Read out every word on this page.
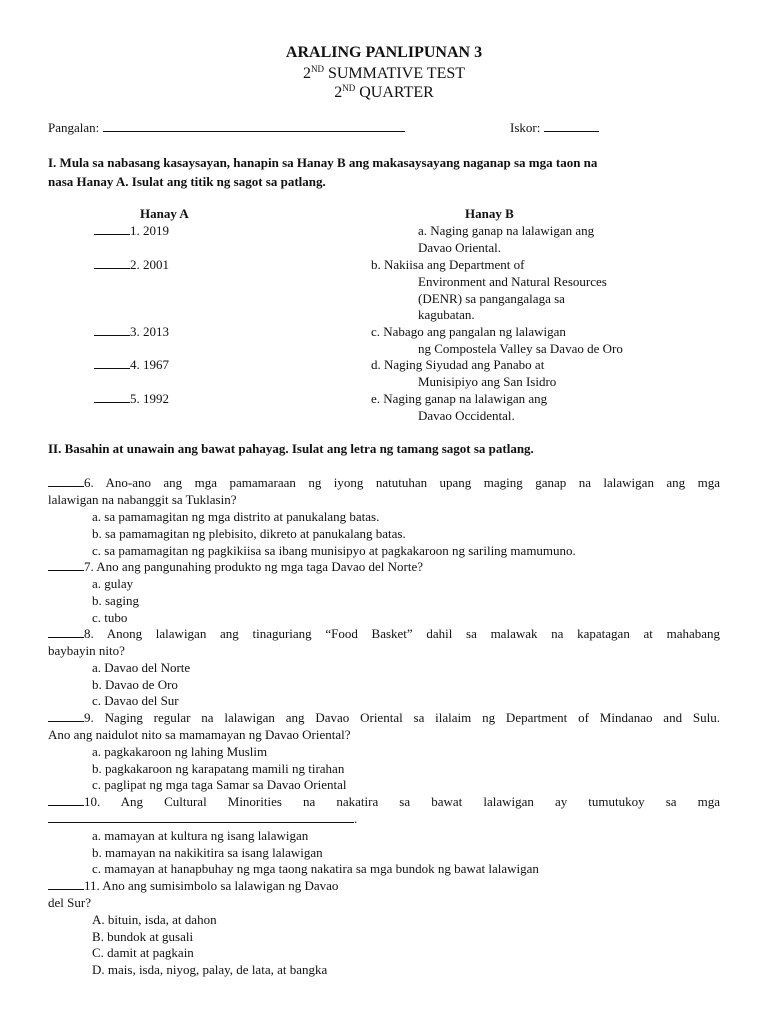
ARALING PANLIPUNAN 3
2ND SUMMATIVE TEST
2ND QUARTER
Pangalan:	Iskor:
I. Mula sa nabasang kasaysayan, hanapin sa Hanay B ang makasaysayang naganap sa mga taon na
nasa Hanay A. Isulat ang titik ng sagot sa patlang.
Hanay A	Hanay B
1. 2019
2. 2001
3. 2013
4. 1967
5. 1992
a. Naging ganap na lalawigan ang
Davao Oriental.
b. Nakiisa ang Department of
Environment and Natural Resources
(DENR) sa pangangalaga sa
kagubatan.
c. Nabago ang pangalan ng lalawigan
ng Compostela Valley sa Davao de Oro
d. Naging Siyudad ang Panabo at
Munisipiyo ang San Isidro
e. Naging ganap na lalawigan ang
Davao Occidental.
II. Basahin at unawain ang bawat pahayag. Isulat ang letra ng tamang sagot sa patlang.
6. Ano-ano ang mga pamamaraan ng iyong natutuhan upang maging ganap na lalawigan ang mga
lalawigan na nabanggit sa Tuklasin?
a. sa pamamagitan ng mga distrito at panukalang batas.
b. sa pamamagitan ng plebisito, dikreto at panukalang batas.
c. sa pamamagitan ng pagkikiisa sa ibang munisipyo at pagkakaroon ng sariling mamumuno.
7. Ano ang pangunahing produkto ng mga taga Davao del Norte?
a. gulay
b. saging
c. tubo
8. Anong lalawigan ang tinaguriang “Food Basket” dahil sa malawak na kapatagan at mahabang
baybayin nito?
a. Davao del Norte
b. Davao de Oro
c. Davao del Sur
9. Naging regular na lalawigan ang Davao Oriental sa ilalaim ng Department of Mindanao and Sulu.
Ano ang naidulot nito sa mamamayan ng Davao Oriental?
a. pagkakaroon ng lahing Muslim
b. pagkakaroon ng karapatang mamili ng tirahan
c. paglipat ng mga taga Samar sa Davao Oriental
10. Ang Cultural Minorities na nakatira sa bawat lalawigan ay tumutukoy sa mga
.
a. mamayan at kultura ng isang lalawigan
b. mamayan na nakikitira sa isang lalawigan
c. mamayan at hanapbuhay ng mga taong nakatira sa mga bundok ng bawat lalawigan
11. Ano ang sumisimbolo sa lalawigan ng Davao
del Sur?
A. bituin, isda, at dahon
B. bundok at gusali
C. damit at pagkain
D. mais, isda, niyog, palay, de lata, at bangka
